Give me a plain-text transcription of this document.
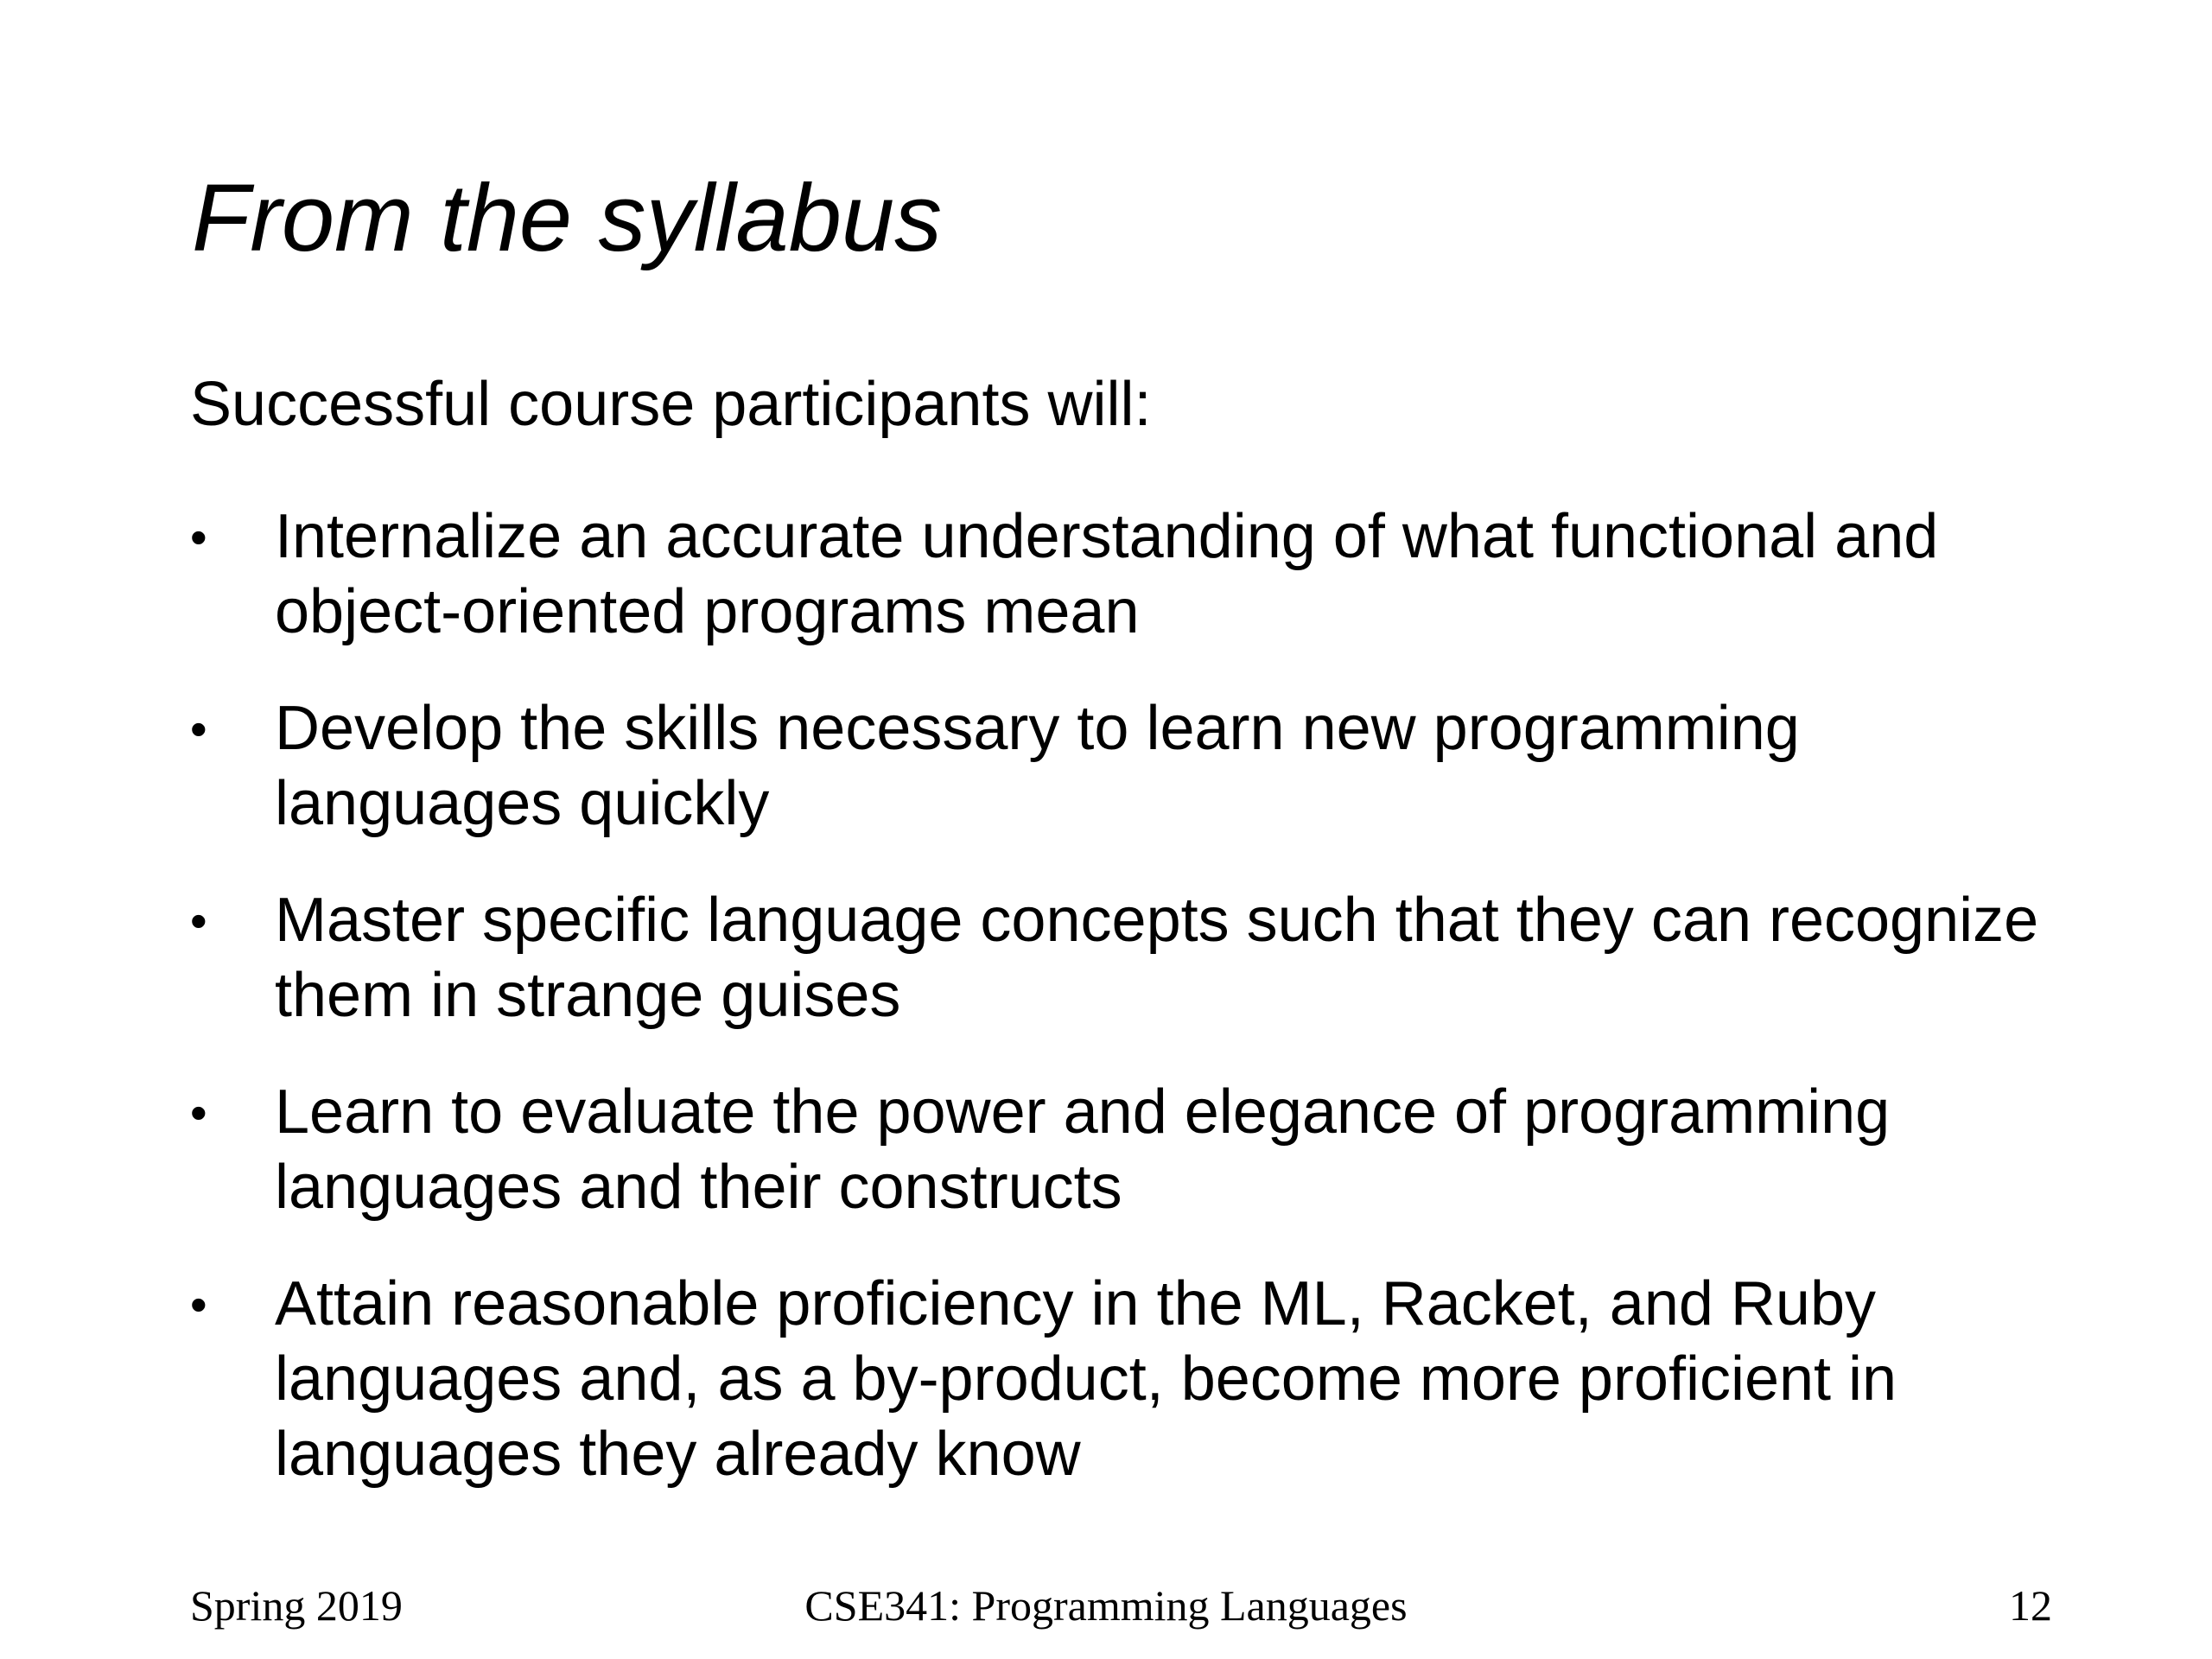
From the syllabus

Successful course participants will:

• Internalize an accurate understanding of what functional and
object-oriented programs mean
• Develop the skills necessary to learn new programming
languages quickly
• Master specific language concepts such that they can recognize
them in strange guises
• Learn to evaluate the power and elegance of programming
languages and their constructs
• Attain reasonable proficiency in the ML, Racket, and Ruby
languages and, as a by-product, become more proficient in
languages they already know
Spring 2019	CSE341: Programming Languages	12
